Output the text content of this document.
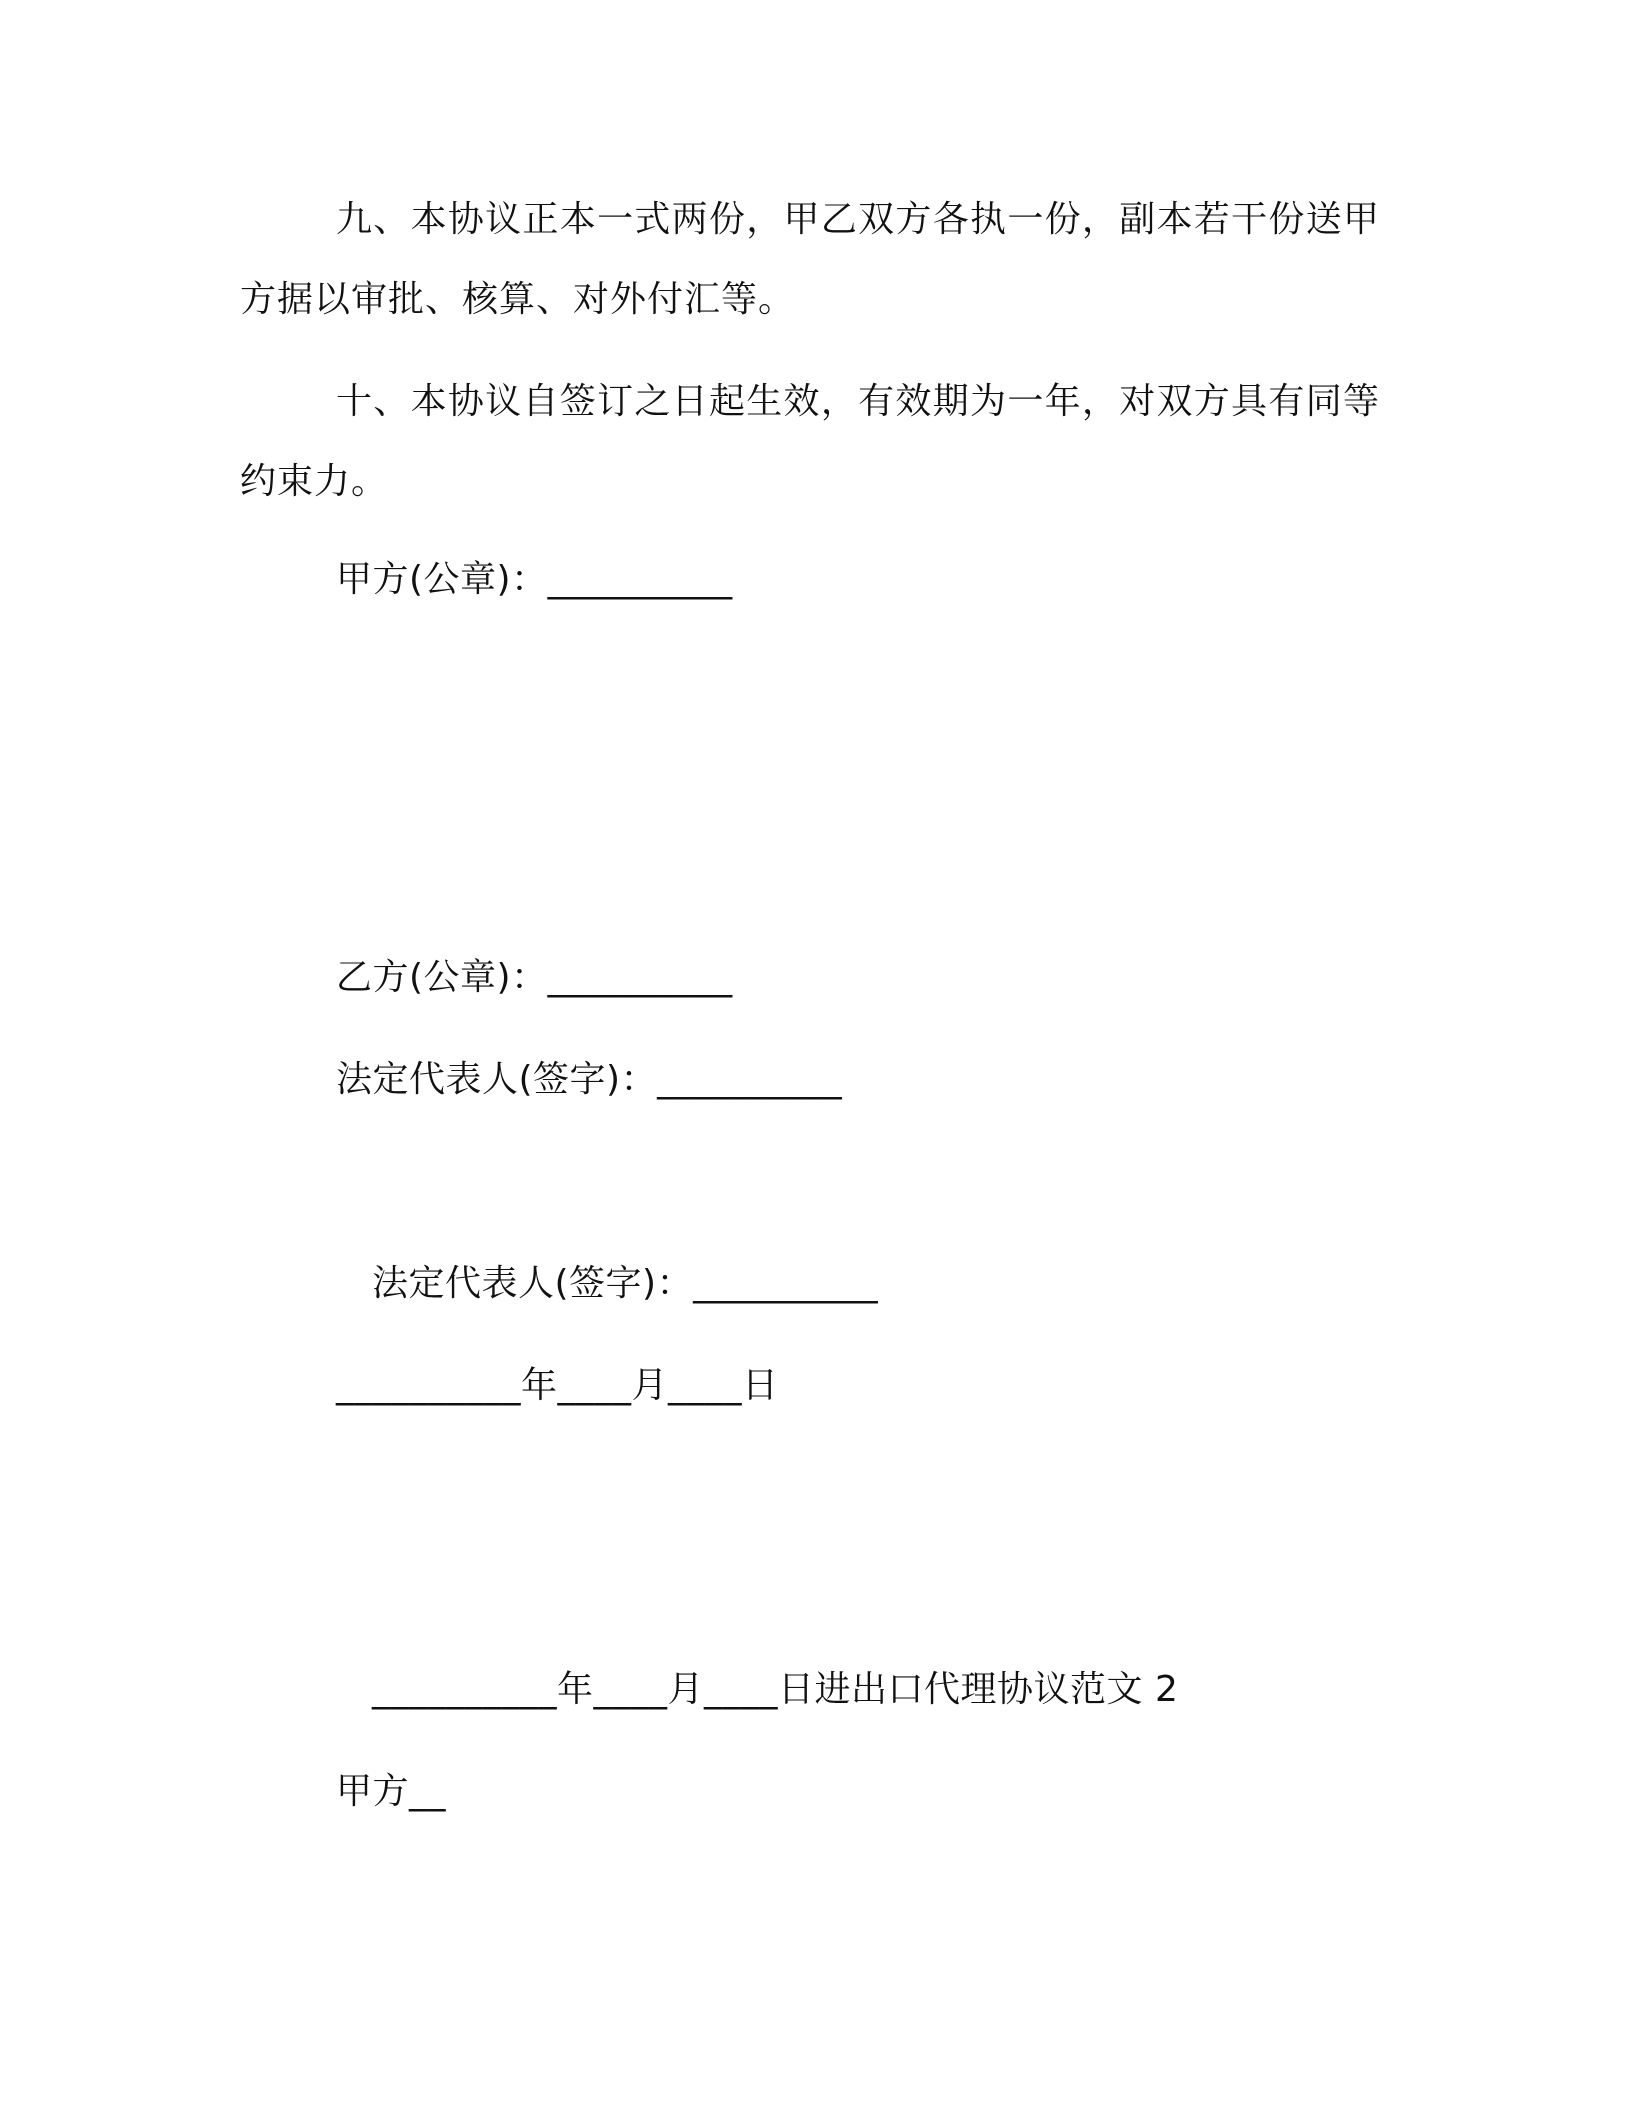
九、本协议正本一式两份，甲乙双方各执一份，副本若干份送甲方据以审批、核算、对外付汇等。
十、本协议自签订之日起生效，有效期为一年，对双方具有同等约束力。
甲方(公章)：__________
乙方(公章)：__________
法定代表人(签字)：__________
法定代表人(签字)：__________
__________年____月____日
__________年____月____日进出口代理协议范文 2
甲方__
